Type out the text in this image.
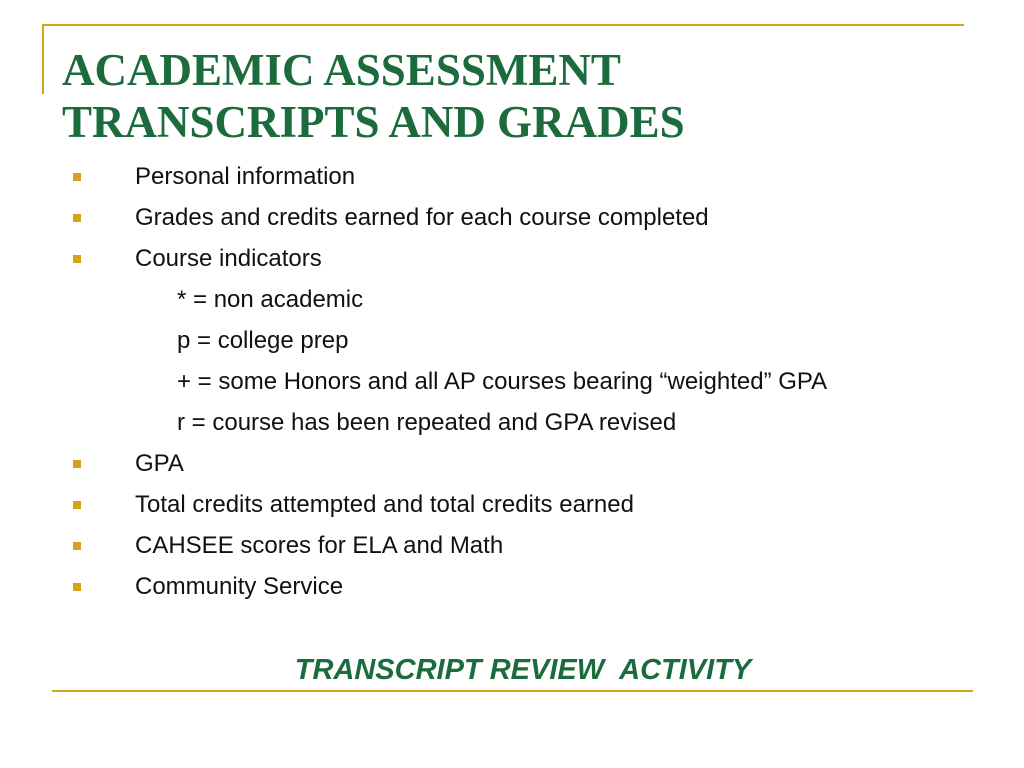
ACADEMIC ASSESSMENT
TRANSCRIPTS AND GRADES
Personal information
Grades and credits earned for each course completed
Course indicators
* = non academic
p = college prep
+ = some Honors and all AP courses bearing “weighted” GPA
r = course has been repeated and GPA revised
GPA
Total credits attempted and total credits earned
CAHSEE scores for ELA and Math
Community Service
TRANSCRIPT REVIEW  ACTIVITY
